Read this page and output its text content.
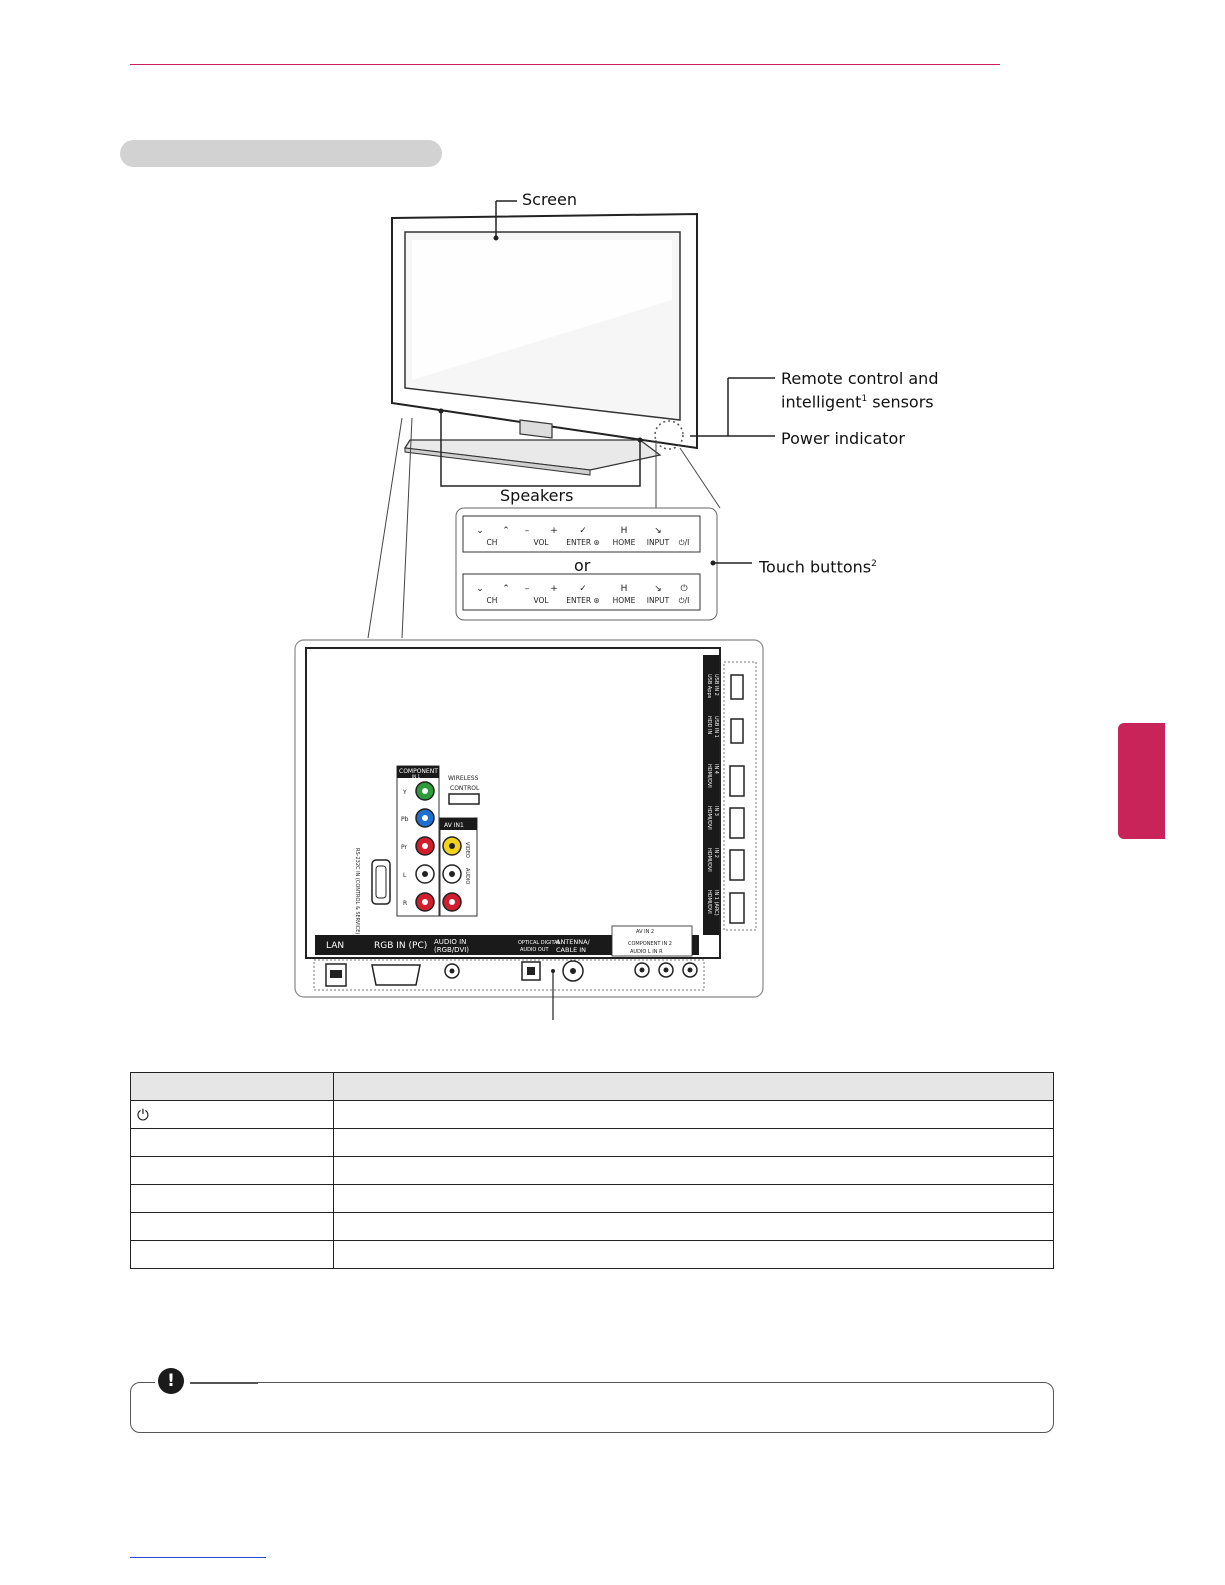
⌄
CH
⌃ –
VOL
+ ✓
ENTER ⊛
H
HOME
↘
INPUT ⏻/I
⌄
CH
⌃ –
VOL
+ ✓
ENTER ⊛
H
HOME
↘
INPUT
⏻
⏻/I
LAN	RGB IN (PC) AUDIO IN
(RGB/DVI)
OPTICAL DIGITAL
AUDIO OUT
ANTENNA/
CABLE IN
AV IN 2
COMPONENT IN 2
AUDIO L IN R
COMPONENT
IN 1
AV IN1
Y
Pb
Pr
L
R
WIRELESS
CONTROL
VIDEO
AUDIO
RS-232C IN (CONTROL & SERVICE)
USB Apps USB IN 2
HDD IN USB IN 1
HDMI/DVI IN 4
HDMI/DVI IN 3
HDMI/DVI IN 2
HDMI/DVI IN 1 (ARC)
Screen
Remote control and
intelligent$^1$ sensors
Power indicator
Speakers
or	Touch buttons$^2$

⏻	

!
